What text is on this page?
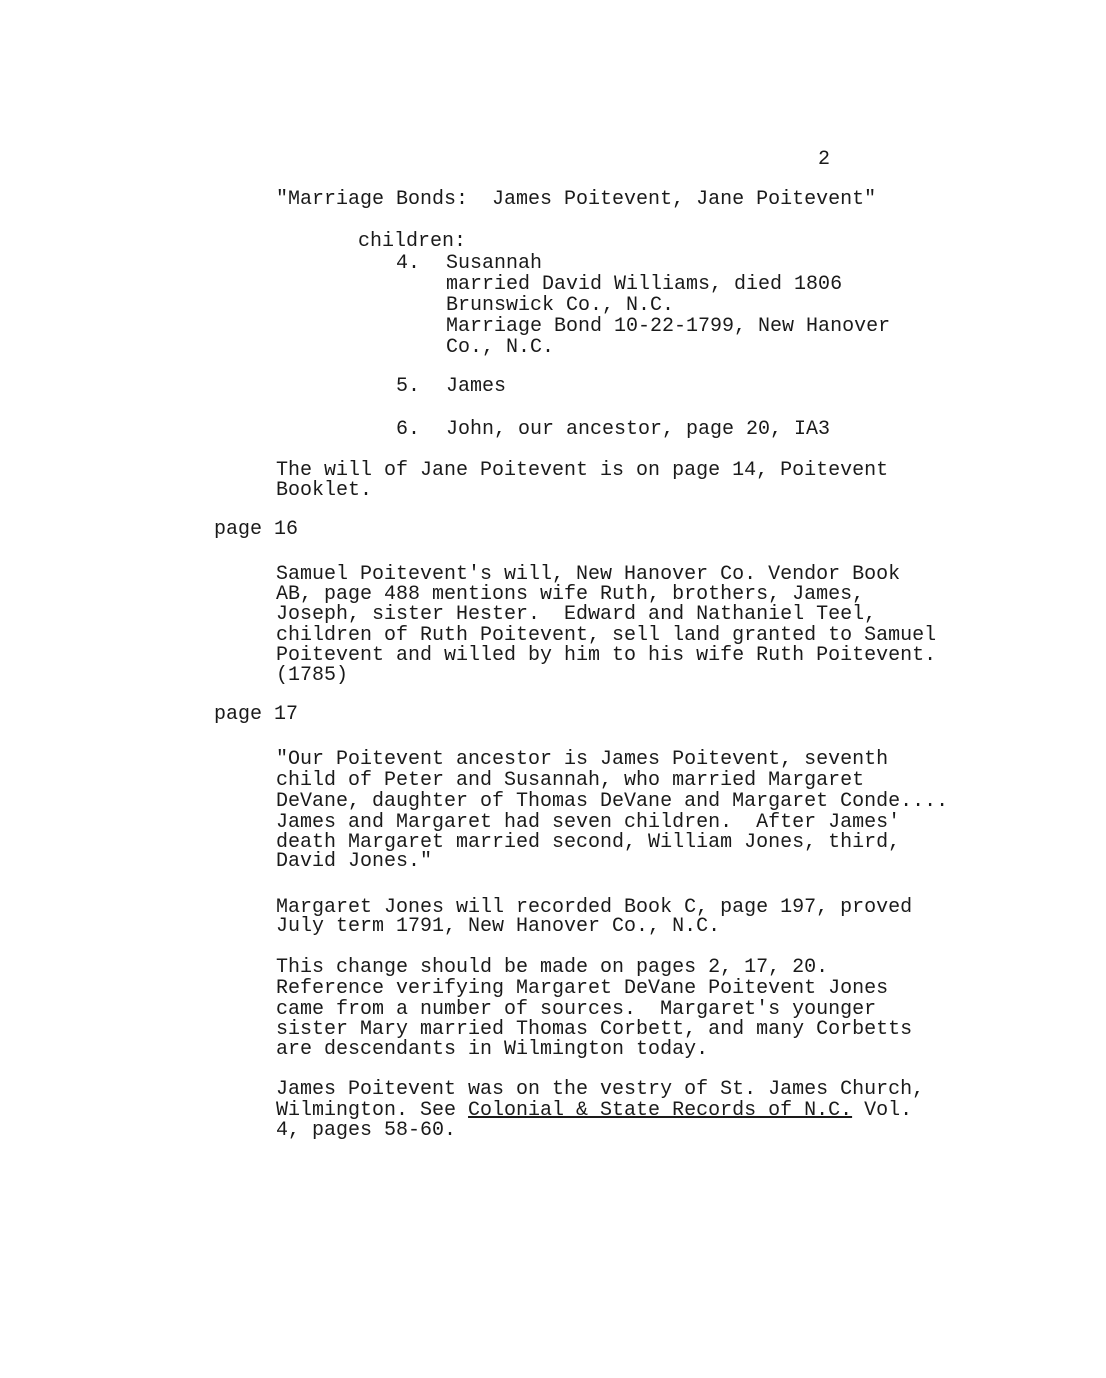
2
"Marriage Bonds:  James Poitevent, Jane Poitevent"
children:
4. Susannah
married David Williams, died 1806
Brunswick Co., N.C.
Marriage Bond 10-22-1799, New Hanover
Co., N.C.
5. James
6. John, our ancestor, page 20, IA3
The will of Jane Poitevent is on page 14, Poitevent
Booklet.
page 16
Samuel Poitevent's will, New Hanover Co. Vendor Book
AB, page 488 mentions wife Ruth, brothers, James,
Joseph, sister Hester.  Edward and Nathaniel Teel,
children of Ruth Poitevent, sell land granted to Samuel
Poitevent and willed by him to his wife Ruth Poitevent.
(1785)
page 17
"Our Poitevent ancestor is James Poitevent, seventh
child of Peter and Susannah, who married Margaret
DeVane, daughter of Thomas DeVane and Margaret Conde....
James and Margaret had seven children.  After James'
death Margaret married second, William Jones, third,
David Jones."
Margaret Jones will recorded Book C, page 197, proved
July term 1791, New Hanover Co., N.C.
This change should be made on pages 2, 17, 20.
Reference verifying Margaret DeVane Poitevent Jones
came from a number of sources.  Margaret's younger
sister Mary married Thomas Corbett, and many Corbetts
are descendants in Wilmington today.
James Poitevent was on the vestry of St. James Church,
Wilmington. See Colonial & State Records of N.C. Vol.
4, pages 58-60.
